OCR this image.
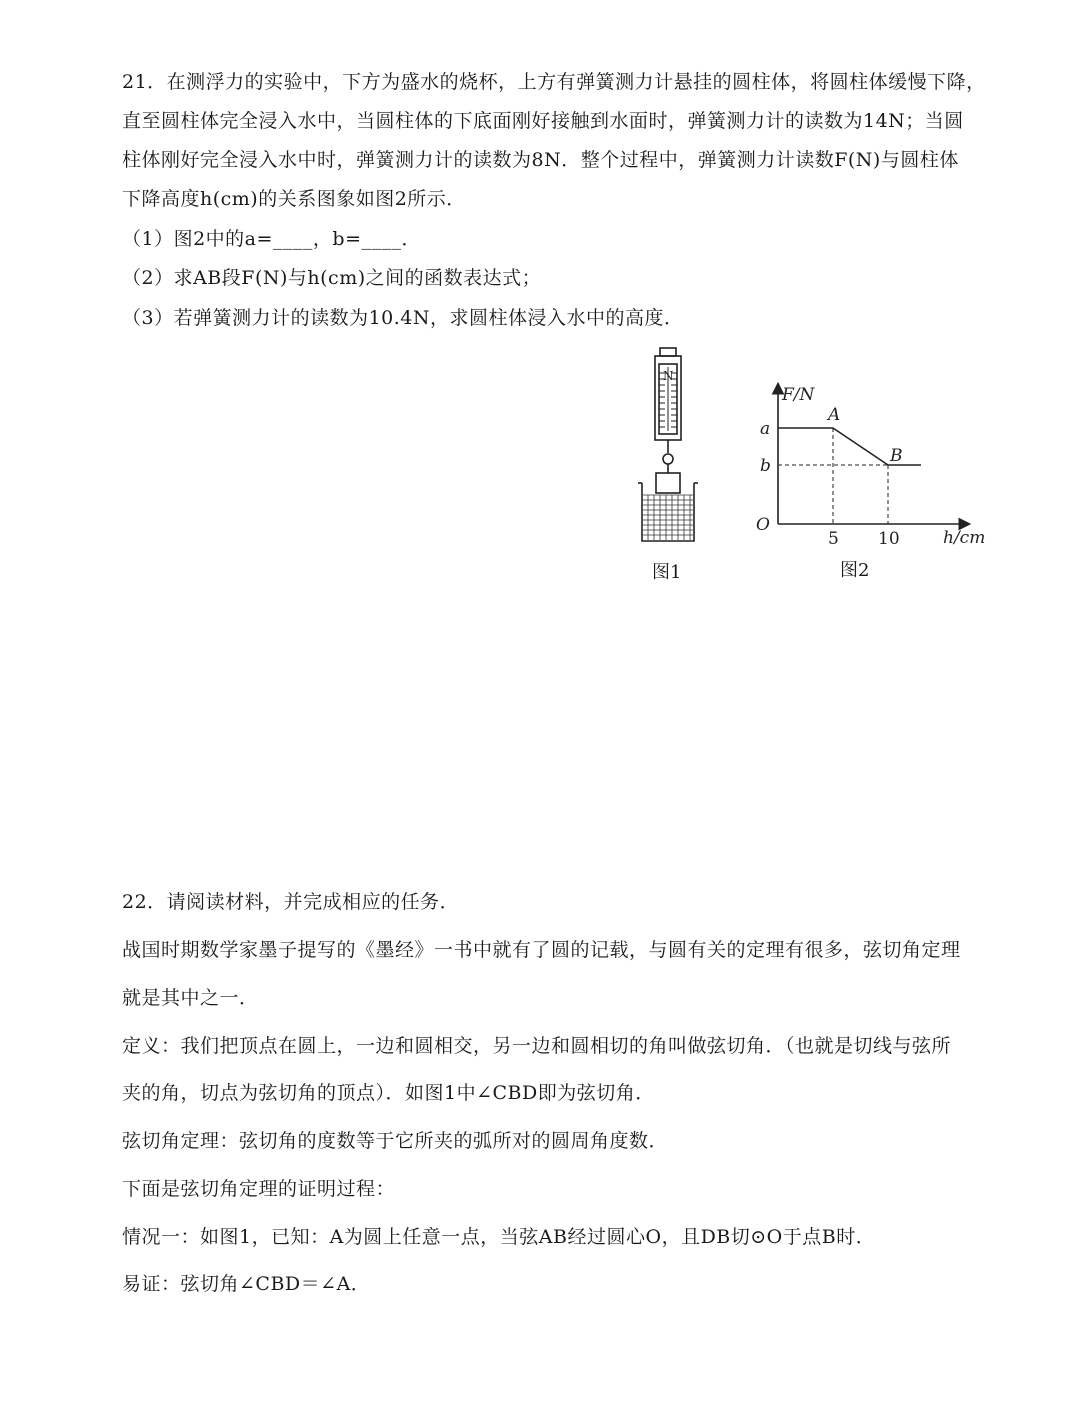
21．在测浮力的实验中，下方为盛水的烧杯，上方有弹簧测力计悬挂的圆柱体，将圆柱体缓慢下降，
直至圆柱体完全浸入水中，当圆柱体的下底面刚好接触到水面时，弹簧测力计的读数为14N；当圆
柱体刚好完全浸入水中时，弹簧测力计的读数为8N．整个过程中，弹簧测力计读数F(N)与圆柱体
下降高度h(cm)的关系图象如图2所示．
（1）图2中的a=____，b=____．
（2）求AB段F(N)与h(cm)之间的函数表达式；
（3）若弹簧测力计的读数为10.4N，求圆柱体浸入水中的高度．
N
图1
F/N
h/cm
O
a
b
A
B
5 10
图2
22．请阅读材料，并完成相应的任务．
战国时期数学家墨子提写的《墨经》一书中就有了圆的记载，与圆有关的定理有很多，弦切角定理
就是其中之一．
定义：我们把顶点在圆上，一边和圆相交，另一边和圆相切的角叫做弦切角．（也就是切线与弦所
夹的角，切点为弦切角的顶点）．如图1中∠CBD即为弦切角．
弦切角定理：弦切角的度数等于它所夹的弧所对的圆周角度数．
下面是弦切角定理的证明过程：
情况一：如图1，已知：A为圆上任意一点，当弦AB经过圆心O，且DB切⊙O于点B时．
易证：弦切角∠CBD＝∠A．
